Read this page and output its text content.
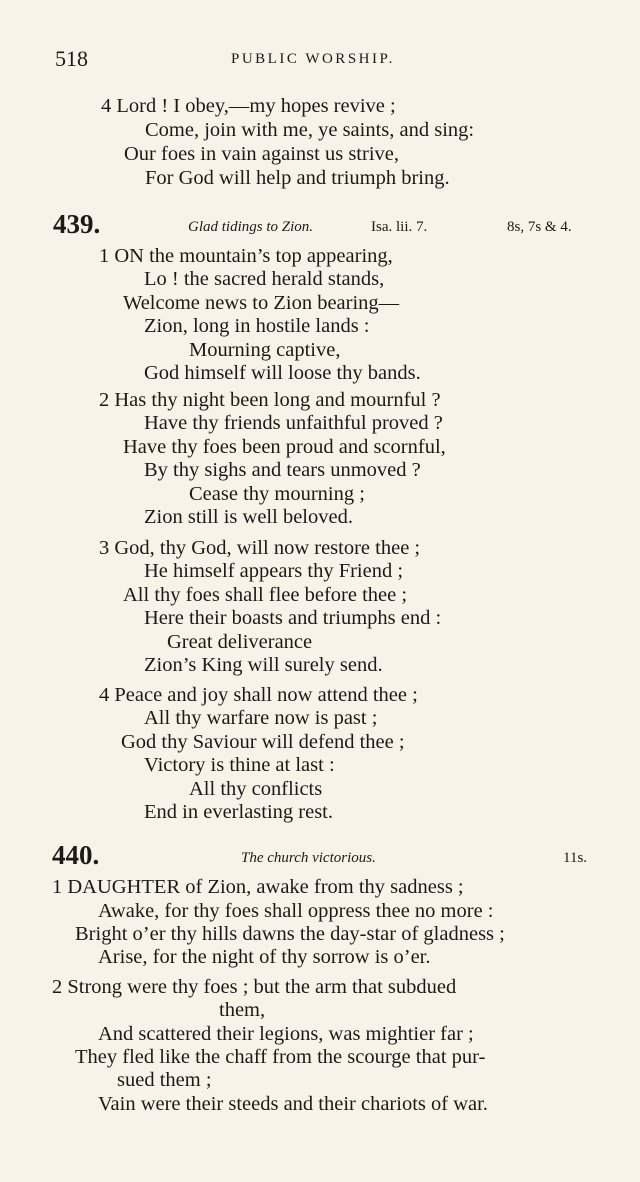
518	PUBLIC WORSHIP.
4 Lord ! I obey,—my hopes revive ;
Come, join with me, ye saints, and sing:
Our foes in vain against us strive,
For God will help and triumph bring.
439.	Glad tidings to Zion.	Isa. lii. 7.	8s, 7s & 4.
1 ON the mountain’s top appearing,
Lo ! the sacred herald stands,
Welcome news to Zion bearing—
Zion, long in hostile lands :
Mourning captive,
God himself will loose thy bands.
2 Has thy night been long and mournful ?
Have thy friends unfaithful proved ?
Have thy foes been proud and scornful,
By thy sighs and tears unmoved ?
Cease thy mourning ;
Zion still is well beloved.
3 God, thy God, will now restore thee ;
He himself appears thy Friend ;
All thy foes shall flee before thee ;
Here their boasts and triumphs end :
Great deliverance
Zion’s King will surely send.
4 Peace and joy shall now attend thee ;
All thy warfare now is past ;
God thy Saviour will defend thee ;
Victory is thine at last :
All thy conflicts
End in everlasting rest.
440.	The church victorious.	11s.
1 DAUGHTER of Zion, awake from thy sadness ;
Awake, for thy foes shall oppress thee no more :
Bright o’er thy hills dawns the day-star of gladness ;
Arise, for the night of thy sorrow is o’er.
2 Strong were thy foes ; but the arm that subdued
them,
And scattered their legions, was mightier far ;
They fled like the chaff from the scourge that pur-
sued them ;
Vain were their steeds and their chariots of war.
